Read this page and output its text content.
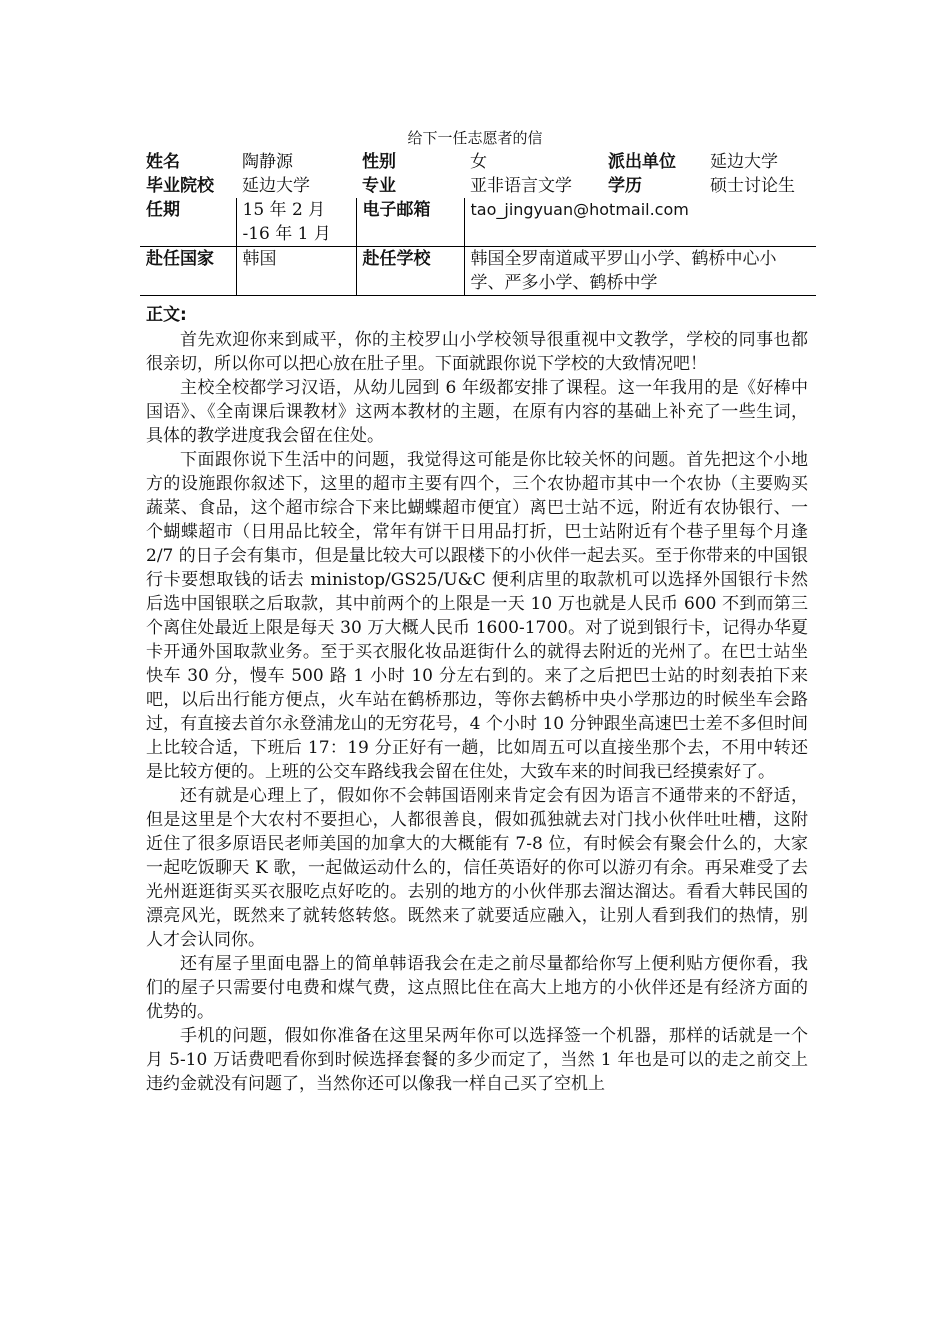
给下一任志愿者的信
姓名	陶静源	性别	女	派出单位	延边大学
毕业院校	延边大学	专业	亚非语言文学	学历	硕士讨论生
任期	15 年 2 月 -16 年 1 月	电子邮箱	tao_jingyuan@hotmail.com		
赴任国家	韩国	赴任学校	韩国全罗南道咸平罗山小学、鹤桥中心小学、严多小学、鹤桥中学		
正文:

首先欢迎你来到咸平，你的主校罗山小学校领导很重视中文教学，学校的同事也都很亲切，所以你可以把心放在肚子里。下面就跟你说下学校的大致情况吧！

主校全校都学习汉语，从幼儿园到 6 年级都安排了课程。这一年我用的是《好棒中国语》、《全南课后课教材》这两本教材的主题，在原有内容的基础上补充了一些生词，具体的教学进度我会留在住处。

下面跟你说下生活中的问题，我觉得这可能是你比较关怀的问题。首先把这个小地方的设施跟你叙述下，这里的超市主要有四个，三个农协超市其中一个农协（主要购买蔬菜、食品，这个超市综合下来比蝴蝶超市便宜）离巴士站不远，附近有农协银行、一个蝴蝶超市（日用品比较全，常年有饼干日用品打折，巴士站附近有个巷子里每个月逢 2/7 的日子会有集市，但是量比较大可以跟楼下的小伙伴一起去买。至于你带来的中国银行卡要想取钱的话去 ministop/GS25/U&C 便利店里的取款机可以选择外国银行卡然后选中国银联之后取款，其中前两个的上限是一天 10 万也就是人民币 600 不到而第三个离住处最近上限是每天 30 万大概人民币 1600-1700。对了说到银行卡，记得办华夏卡开通外国取款业务。至于买衣服化妆品逛街什么的就得去附近的光州了。在巴士站坐快车 30 分，慢车 500 路 1 小时 10 分左右到的。来了之后把巴士站的时刻表拍下来吧，以后出行能方便点，火车站在鹤桥那边，等你去鹤桥中央小学那边的时候坐车会路过，有直接去首尔永登浦龙山的无穷花号，4 个小时 10 分钟跟坐高速巴士差不多但时间上比较合适，下班后 17：19 分正好有一趟，比如周五可以直接坐那个去，不用中转还是比较方便的。上班的公交车路线我会留在住处，大致车来的时间我已经摸索好了。

还有就是心理上了，假如你不会韩国语刚来肯定会有因为语言不通带来的不舒适，但是这里是个大农村不要担心，人都很善良，假如孤独就去对门找小伙伴吐吐槽，这附近住了很多原语民老师美国的加拿大的大概能有 7-8 位，有时候会有聚会什么的，大家一起吃饭聊天 K 歌，一起做运动什么的，信任英语好的你可以游刃有余。再呆难受了去光州逛逛街买买衣服吃点好吃的。去别的地方的小伙伴那去溜达溜达。看看大韩民国的漂亮风光，既然来了就转悠转悠。既然来了就要适应融入，让别人看到我们的热情，别人才会认同你。

还有屋子里面电器上的简单韩语我会在走之前尽量都给你写上便利贴方便你看，我们的屋子只需要付电费和煤气费，这点照比住在高大上地方的小伙伴还是有经济方面的优势的。

手机的问题，假如你准备在这里呆两年你可以选择签一个机器，那样的话就是一个月 5-10 万话费吧看你到时候选择套餐的多少而定了，当然 1 年也是可以的走之前交上违约金就没有问题了，当然你还可以像我一样自己买了空机上
